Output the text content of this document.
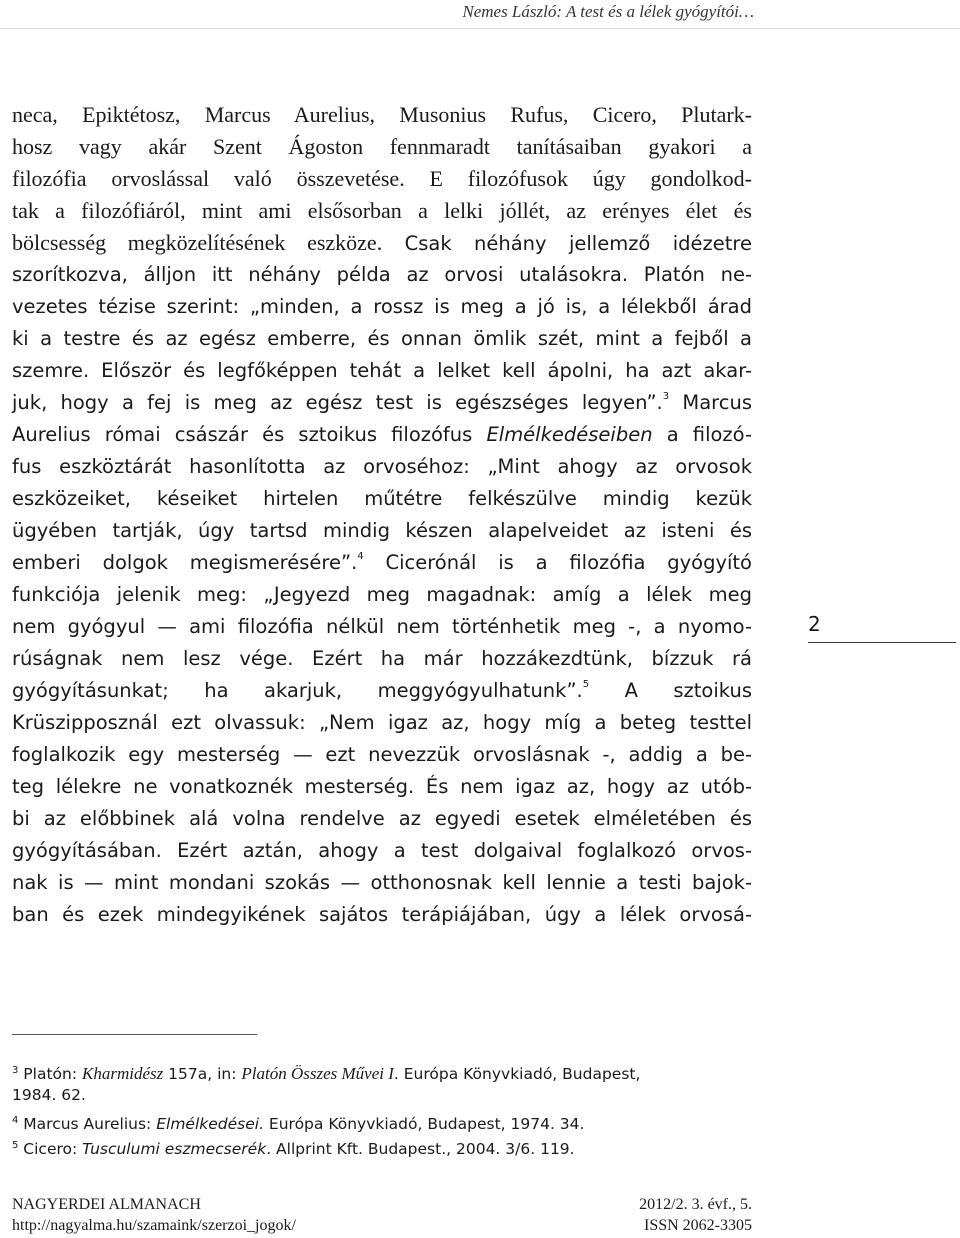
Nemes László: A test és a lélek gyógyítói…
neca, Epiktétosz, Marcus Aurelius, Musonius Rufus, Cicero, Plutark-
hosz vagy akár Szent Ágoston fennmaradt tanításaiban gyakori a
filozófia orvoslással való összevetése. E filozófusok úgy gondolkod-
tak a filozófiáról, mint ami elsősorban a lelki jóllét, az erényes élet és
bölcsesség megközelítésének eszköze. Csak néhány jellemző idézetre
szorítkozva, álljon itt néhány példa az orvosi utalásokra. Platón ne-
vezetes tézise szerint: „minden, a rossz is meg a jó is, a lélekből árad
ki a testre és az egész emberre, és onnan ömlik szét, mint a fejből a
szemre. Először és legfőképpen tehát a lelket kell ápolni, ha azt akar-
juk, hogy a fej is meg az egész test is egészséges legyen”.$^3$ Marcus
Aurelius római császár és sztoikus filozófus Elmélkedéseiben a filozó-
fus eszköztárát hasonlította az orvoséhoz: „Mint ahogy az orvosok
eszközeiket, késeiket hirtelen műtétre felkészülve mindig kezük
ügyében tartják, úgy tartsd mindig készen alapelveidet az isteni és
emberi dolgok megismerésére”.$^4$ Cicerónál is a filozófia gyógyító
funkciója jelenik meg: „Jegyezd meg magadnak: amíg a lélek meg
nem gyógyul — ami filozófia nélkül nem történhetik meg -, a nyomo-
rúságnak nem lesz vége. Ezért ha már hozzákezdtünk, bízzuk rá
gyógyításunkat; ha akarjuk, meggyógyulhatunk”.$^5$ A sztoikus
Krüszipposznál ezt olvassuk: „Nem igaz az, hogy míg a beteg testtel
foglalkozik egy mesterség — ezt nevezzük orvoslásnak -, addig a be-
teg lélekre ne vonatkoznék mesterség. És nem igaz az, hogy az utób-
bi az előbbinek alá volna rendelve az egyedi esetek elméletében és
gyógyításában. Ezért aztán, ahogy a test dolgaival foglalkozó orvos-
nak is — mint mondani szokás — otthonosnak kell lennie a testi bajok-
ban és ezek mindegyikének sajátos terápiájában, úgy a lélek orvosá-
2
$^3$ Platón: Kharmidész 157a, in: Platón Összes Művei I. Európa Könyvkiadó, Budapest,
1984. 62.
$^4$ Marcus Aurelius: Elmélkedései. Európa Könyvkiadó, Budapest, 1974. 34.
$^5$ Cicero: Tusculumi eszmecserék. Allprint Kft. Budapest., 2004. 3/6. 119.
NAGYERDEI ALMANACH	2012/2. 3. évf., 5.
http://nagyalma.hu/szamaink/szerzoi_jogok/	ISSN 2062-3305
